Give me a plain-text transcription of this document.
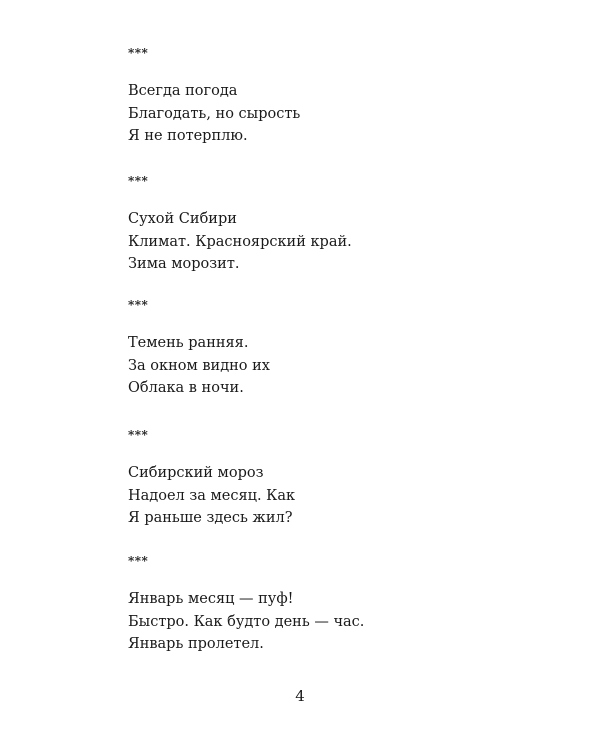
***
Всегда погода
Благодать, но сырость
Я не потерплю.
***
Сухой Сибири
Климат. Красноярский край.
Зима морозит.
***
Темень ранняя.
За окном видно их
Облака в ночи.
***
Сибирский мороз
Надоел за месяц. Как
Я раньше здесь жил?
***
Январь месяц — пуф!
Быстро. Как будто день — час.
Январь пролетел.
4
